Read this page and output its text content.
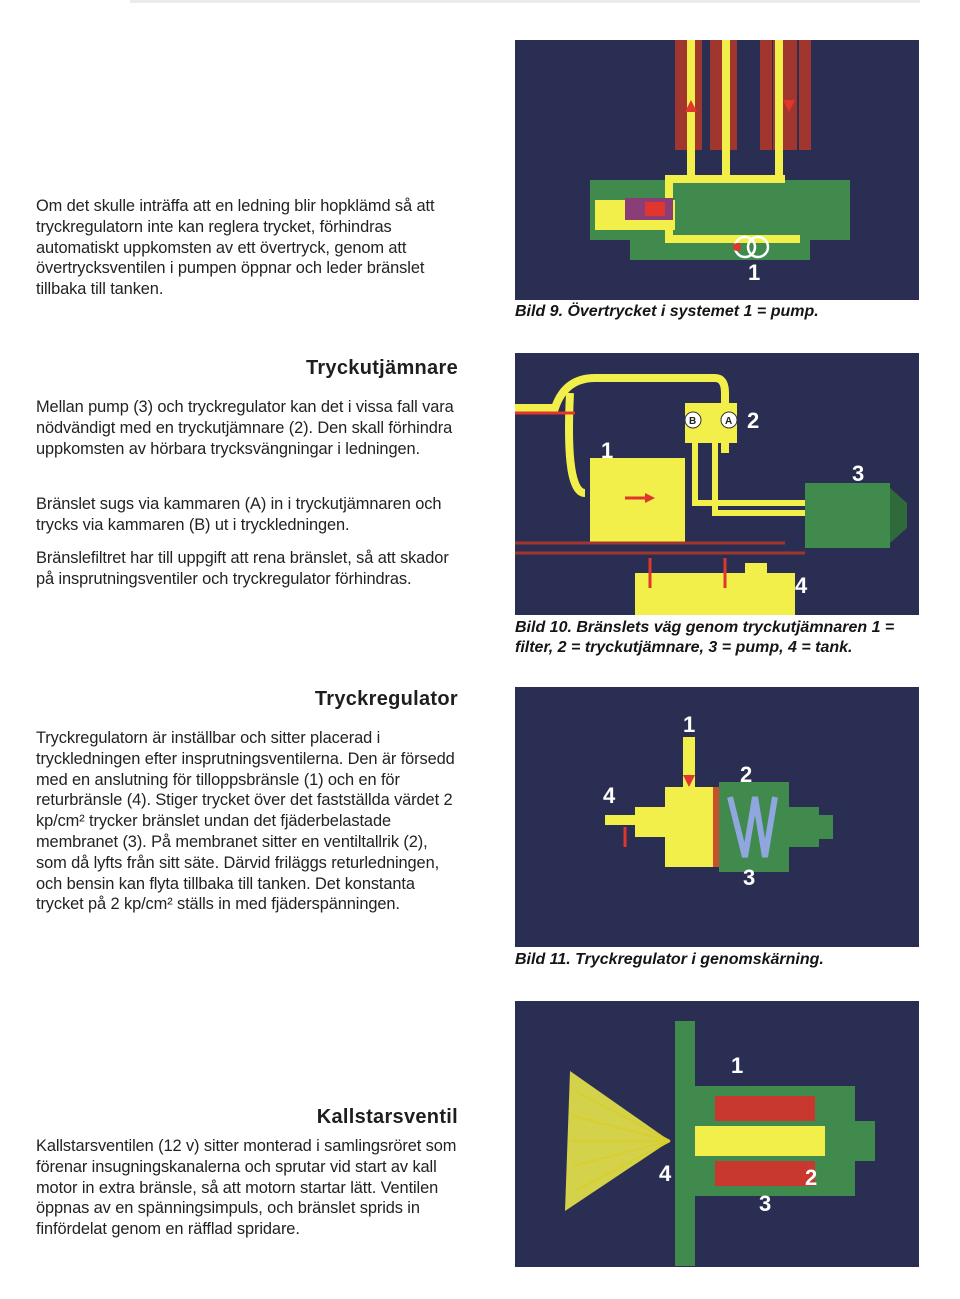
Om det skulle inträffa att en ledning blir hopklämd så att tryckregulatorn inte kan reglera trycket, förhindras automatiskt uppkomsten av ett övertryck, genom att övertrycksventilen i pumpen öppnar och leder bränslet tillbaka till tanken.

Tryckutjämnare

Mellan pump (3) och tryckregulator kan det i vissa fall vara nödvändigt med en tryckutjämnare (2). Den skall förhindra uppkomsten av hörbara trycksvängningar i ledningen.

Bränslet sugs via kammaren (A) in i tryckutjämnaren och trycks via kammaren (B) ut i tryckledningen.

Bränslefiltret har till uppgift att rena bränslet, så att skador på insprutningsventiler och tryckregulator förhindras.

Tryckregulator

Tryckregulatorn är inställbar och sitter placerad i tryckledningen efter insprutningsventilerna. Den är försedd med en anslutning för tilloppsbränsle (1) och en för returbränsle (4). Stiger trycket över det fastställda värdet 2 kp/cm² trycker bränslet undan det fjäderbelastade membranet (3). På membranet sitter en ventiltallrik (2), som då lyfts från sitt säte. Därvid friläggs returledningen, och bensin kan flyta tillbaka till tanken. Det konstanta trycket på 2 kp/cm² ställs in med fjäderspänningen.

Kallstarsventil

Kallstarsventilen (12 v) sitter monterad i samlingsröret som förenar insugningskanalerna och sprutar vid start av kall motor in extra bränsle, så att motorn startar lätt. Ventilen öppnas av en spänningsimpuls, och bränslet sprids in finfördelat genom en räfflad spridare.

1

Bild 9. Övertrycket i systemet 1 = pump.

B	A
1
2
3
4

Bild 10. Bränslets väg genom tryckutjämnaren 1 = filter, 2 = tryckutjämnare, 3 = pump, 4 = tank.

1
2
3
4

Bild 11. Tryckregulator i genomskärning.

1
2
3
4
